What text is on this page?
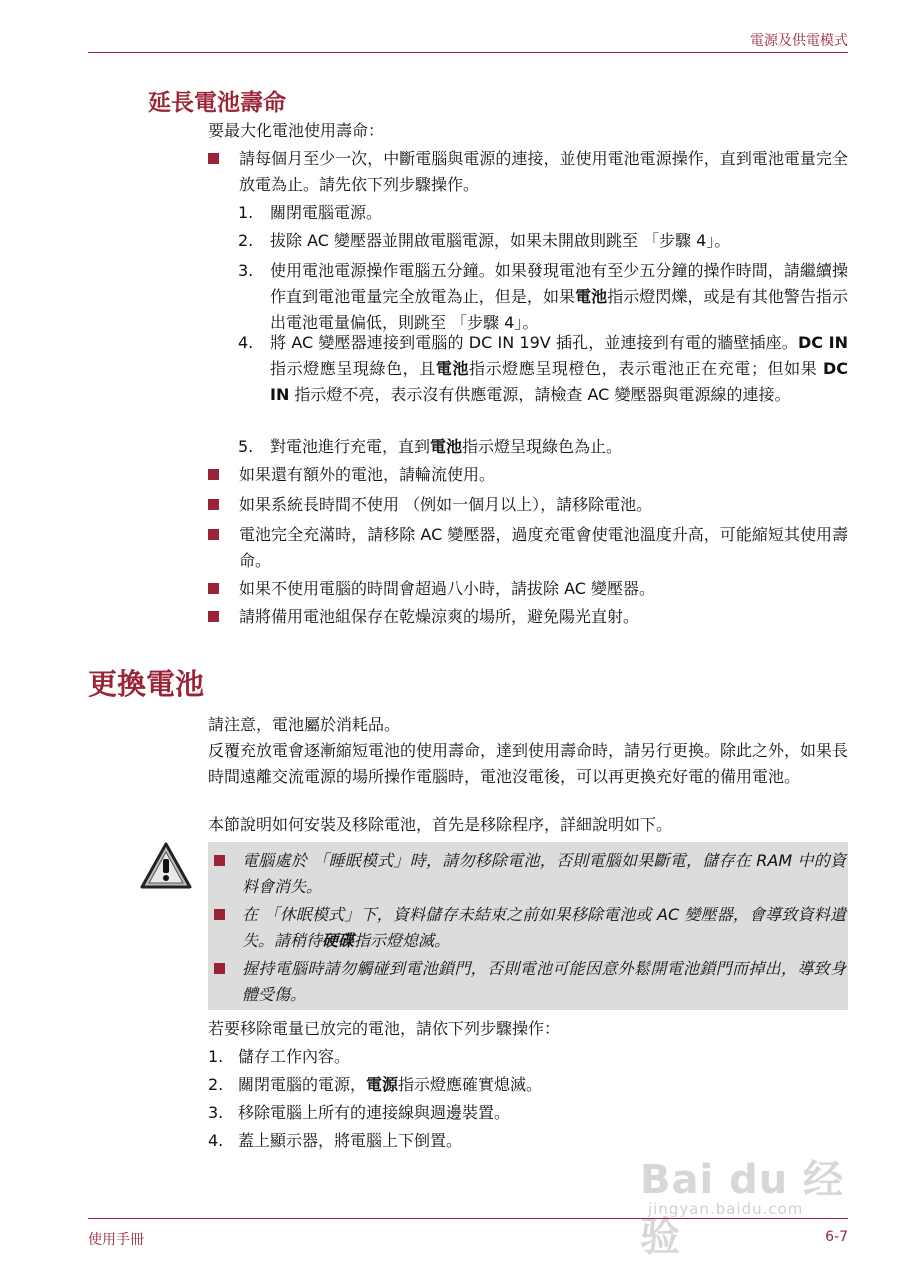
電源及供電模式
延長電池壽命

要最大化電池使用壽命：

請每個月至少一次，中斷電腦與電源的連接，並使用電池電源操作，直到電池電量完全放電為止。請先依下列步驟操作。
1. 關閉電腦電源。
2. 拔除 AC 變壓器並開啟電腦電源，如果未開啟則跳至 「步驟 4」。
3. 使用電池電源操作電腦五分鐘。如果發現電池有至少五分鐘的操作時間，請繼續操作直到電池電量完全放電為止，但是，如果電池指示燈閃爍，或是有其他警告指示出電池電量偏低，則跳至 「步驟 4」。
4. 將 AC 變壓器連接到電腦的 DC IN 19V 插孔，並連接到有電的牆壁插座。DC IN 指示燈應呈現綠色，且電池指示燈應呈現橙色，表示電池正在充電；但如果 DC IN 指示燈不亮，表示沒有供應電源，請檢查 AC 變壓器與電源線的連接。
5. 對電池進行充電，直到電池指示燈呈現綠色為止。
如果還有額外的電池，請輪流使用。
如果系統長時間不使用 （例如一個月以上），請移除電池。
電池完全充滿時，請移除 AC 變壓器，過度充電會使電池溫度升高，可能縮短其使用壽命。
如果不使用電腦的時間會超過八小時，請拔除 AC 變壓器。
請將備用電池組保存在乾燥涼爽的場所，避免陽光直射。
更換電池

請注意，電池屬於消耗品。

反覆充放電會逐漸縮短電池的使用壽命，達到使用壽命時，請另行更換。除此之外，如果長時間遠離交流電源的場所操作電腦時，電池沒電後，可以再更換充好電的備用電池。

本節說明如何安裝及移除電池，首先是移除程序，詳細說明如下。

電腦處於 「睡眠模式」時，請勿移除電池，否則電腦如果斷電，儲存在 RAM 中的資料會消失。
在 「休眠模式」下，資料儲存未結束之前如果移除電池或 AC 變壓器，會導致資料遺失。請稍待硬碟指示燈熄滅。
握持電腦時請勿觸碰到電池鎖門，否則電池可能因意外鬆開電池鎖門而掉出，導致身體受傷。

若要移除電量已放完的電池，請依下列步驟操作：

1. 儲存工作內容。
2. 關閉電腦的電源，電源指示燈應確實熄滅。
3. 移除電腦上所有的連接線與週邊裝置。
4. 蓋上顯示器，將電腦上下倒置。
Bai du 经验
jingyan.baidu.com
使用手冊	6-7
